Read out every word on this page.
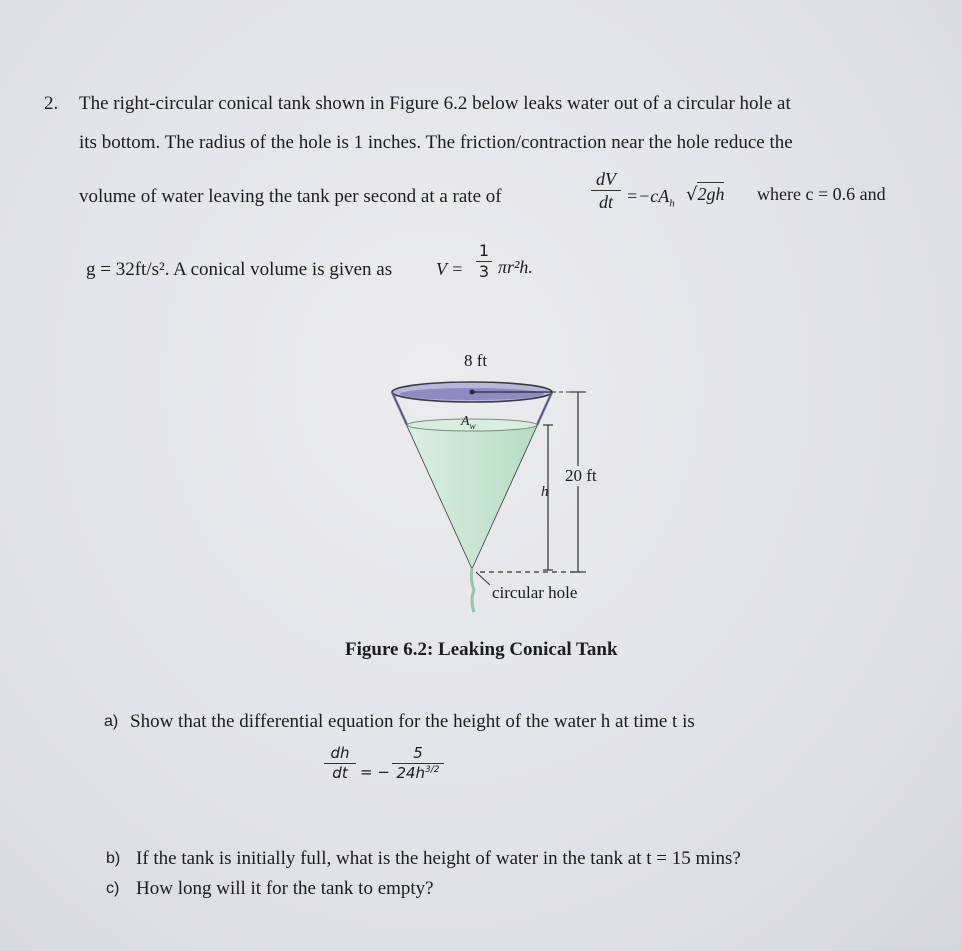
2. The right-circular conical tank shown in Figure 6.2 below leaks water out of a circular hole at
its bottom. The radius of the hole is 1 inches. The friction/contraction near the hole reduce the
volume of water leaving the tank per second at a rate of
dV
dt $=-cA_h$ √2gh where c = 0.6 and
g = 32ft/s². A conical volume is given as V =
1
3 πr²h.
8 ft
$A_w$
h
20 ft
circular hole
Figure 6.2: Leaking Conical Tank
a) Show that the differential equation for the height of the water h at time t is
dh
dt = −
5
$24h^{3/2}$
b) If the tank is initially full, what is the height of water in the tank at t = 15 mins?
c) How long will it for the tank to empty?
